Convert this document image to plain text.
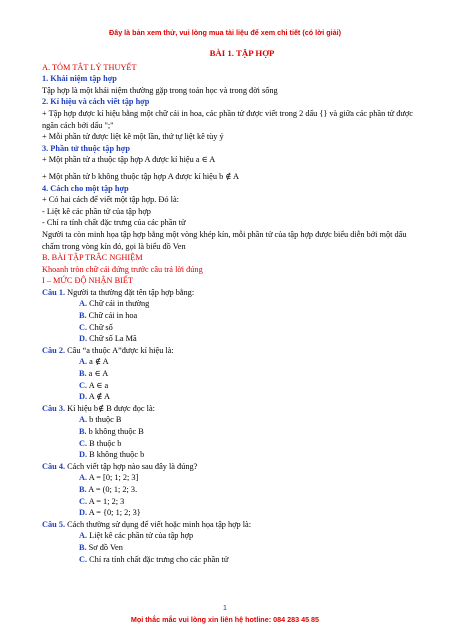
Đây là bản xem thử, vui lòng mua tài liệu để xem chi tiết (có lời giải)
BÀI 1. TẬP HỢP
A. TÓM TẮT LÝ THUYẾT
1. Khái niệm tập hợp
Tập hợp là một khái niệm thường gặp trong toán học và trong đời sống
2. Kí hiệu và cách viết tập hợp
+ Tập hợp được kí hiệu bằng một chữ cái in hoa, các phần tử được viết trong 2 dấu {} và giữa các phần tử được ngăn cách bởi dấu ";"
+ Mỗi phần tử được liệt kê một lần, thứ tự liệt kê tùy ý
3. Phần tử thuộc tập hợp
+ Một phần tử a thuộc tập hợp A được kí hiệu a ∈ A
+ Một phần tử b không thuộc tập hợp A được kí hiệu b ∉ A
4. Cách cho một tập hợp
+ Có hai cách để viết một tập hợp. Đó là:
- Liệt kê các phần tử của tập hợp
- Chỉ ra tính chất đặc trưng của các phần tử
Người ta còn minh họa tập hợp bằng một vòng khép kín, mỗi phần tử của tập hợp được biểu diễn bởi một dấu chấm trong vòng kín đó, gọi là biểu đồ Ven
B. BÀI TẬP TRẮC NGHIỆM
Khoanh tròn chữ cái đứng trước câu trả lời đúng
I – MỨC ĐỘ NHẬN BIẾT
Câu 1. Người ta thường đặt tên tập hợp bằng:
A. Chữ cái in thường
B. Chữ cái in hoa
C. Chữ số
D. Chữ số La Mã
Câu 2. Câu “a thuộc A”được kí hiệu là:
A. a ∉ A
B. a ∈ A
C. A ∈ a
D. A ∉ A
Câu 3. Kí hiệu b∉ B được đọc là:
A. b thuộc B
B. b không thuộc B
C. B thuộc b
D. B không thuộc b
Câu 4. Cách viết tập hợp nào sau đây là đúng?
A. A = [0; 1; 2; 3]
B. A = (0; 1; 2; 3.
C. A = 1; 2; 3
D. A = {0; 1; 2; 3}
Câu 5. Cách thường sử dụng để viết hoặc minh họa tập hợp là:
A. Liệt kê các phần tử của tập hợp
B. Sơ đồ Ven
C. Chỉ ra tính chất đặc trưng cho các phần tử
1
Mọi thắc mắc vui lòng xin liên hệ hotline: 084 283 45 85
